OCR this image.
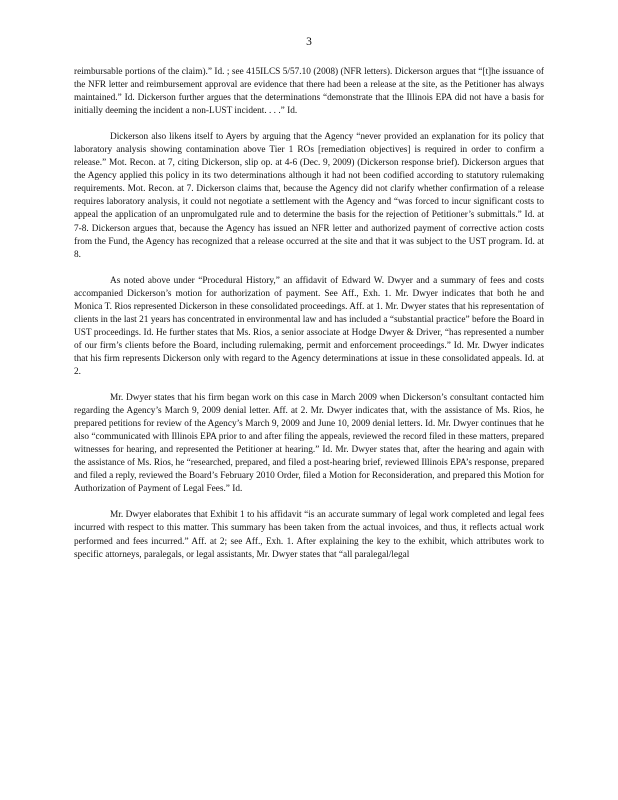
3

reimbursable portions of the claim).” Id. ; see 415ILCS 5/57.10 (2008) (NFR letters). Dickerson argues that “[t]he issuance of the NFR letter and reimbursement approval are evidence that there had been a release at the site, as the Petitioner has always maintained.” Id. Dickerson further argues that the determinations “demonstrate that the Illinois EPA did not have a basis for initially deeming the incident a non-LUST incident. . . .” Id.

Dickerson also likens itself to Ayers by arguing that the Agency “never provided an explanation for its policy that laboratory analysis showing contamination above Tier 1 ROs [remediation objectives] is required in order to confirm a release.” Mot. Recon. at 7, citing Dickerson, slip op. at 4-6 (Dec. 9, 2009) (Dickerson response brief). Dickerson argues that the Agency applied this policy in its two determinations although it had not been codified according to statutory rulemaking requirements. Mot. Recon. at 7. Dickerson claims that, because the Agency did not clarify whether confirmation of a release requires laboratory analysis, it could not negotiate a settlement with the Agency and “was forced to incur significant costs to appeal the application of an unpromulgated rule and to determine the basis for the rejection of Petitioner’s submittals.” Id. at 7-8. Dickerson argues that, because the Agency has issued an NFR letter and authorized payment of corrective action costs from the Fund, the Agency has recognized that a release occurred at the site and that it was subject to the UST program. Id. at 8.

As noted above under “Procedural History,” an affidavit of Edward W. Dwyer and a summary of fees and costs accompanied Dickerson’s motion for authorization of payment. See Aff., Exh. 1. Mr. Dwyer indicates that both he and Monica T. Rios represented Dickerson in these consolidated proceedings. Aff. at 1. Mr. Dwyer states that his representation of clients in the last 21 years has concentrated in environmental law and has included a “substantial practice” before the Board in UST proceedings. Id. He further states that Ms. Rios, a senior associate at Hodge Dwyer & Driver, “has represented a number of our firm’s clients before the Board, including rulemaking, permit and enforcement proceedings.” Id. Mr. Dwyer indicates that his firm represents Dickerson only with regard to the Agency determinations at issue in these consolidated appeals. Id. at 2.

Mr. Dwyer states that his firm began work on this case in March 2009 when Dickerson’s consultant contacted him regarding the Agency’s March 9, 2009 denial letter. Aff. at 2. Mr. Dwyer indicates that, with the assistance of Ms. Rios, he prepared petitions for review of the Agency’s March 9, 2009 and June 10, 2009 denial letters. Id. Mr. Dwyer continues that he also “communicated with Illinois EPA prior to and after filing the appeals, reviewed the record filed in these matters, prepared witnesses for hearing, and represented the Petitioner at hearing.” Id. Mr. Dwyer states that, after the hearing and again with the assistance of Ms. Rios, he “researched, prepared, and filed a post-hearing brief, reviewed Illinois EPA’s response, prepared and filed a reply, reviewed the Board’s February 2010 Order, filed a Motion for Reconsideration, and prepared this Motion for Authorization of Payment of Legal Fees.” Id.

Mr. Dwyer elaborates that Exhibit 1 to his affidavit “is an accurate summary of legal work completed and legal fees incurred with respect to this matter. This summary has been taken from the actual invoices, and thus, it reflects actual work performed and fees incurred.” Aff. at 2; see Aff., Exh. 1. After explaining the key to the exhibit, which attributes work to specific attorneys, paralegals, or legal assistants, Mr. Dwyer states that “all paralegal/legal
